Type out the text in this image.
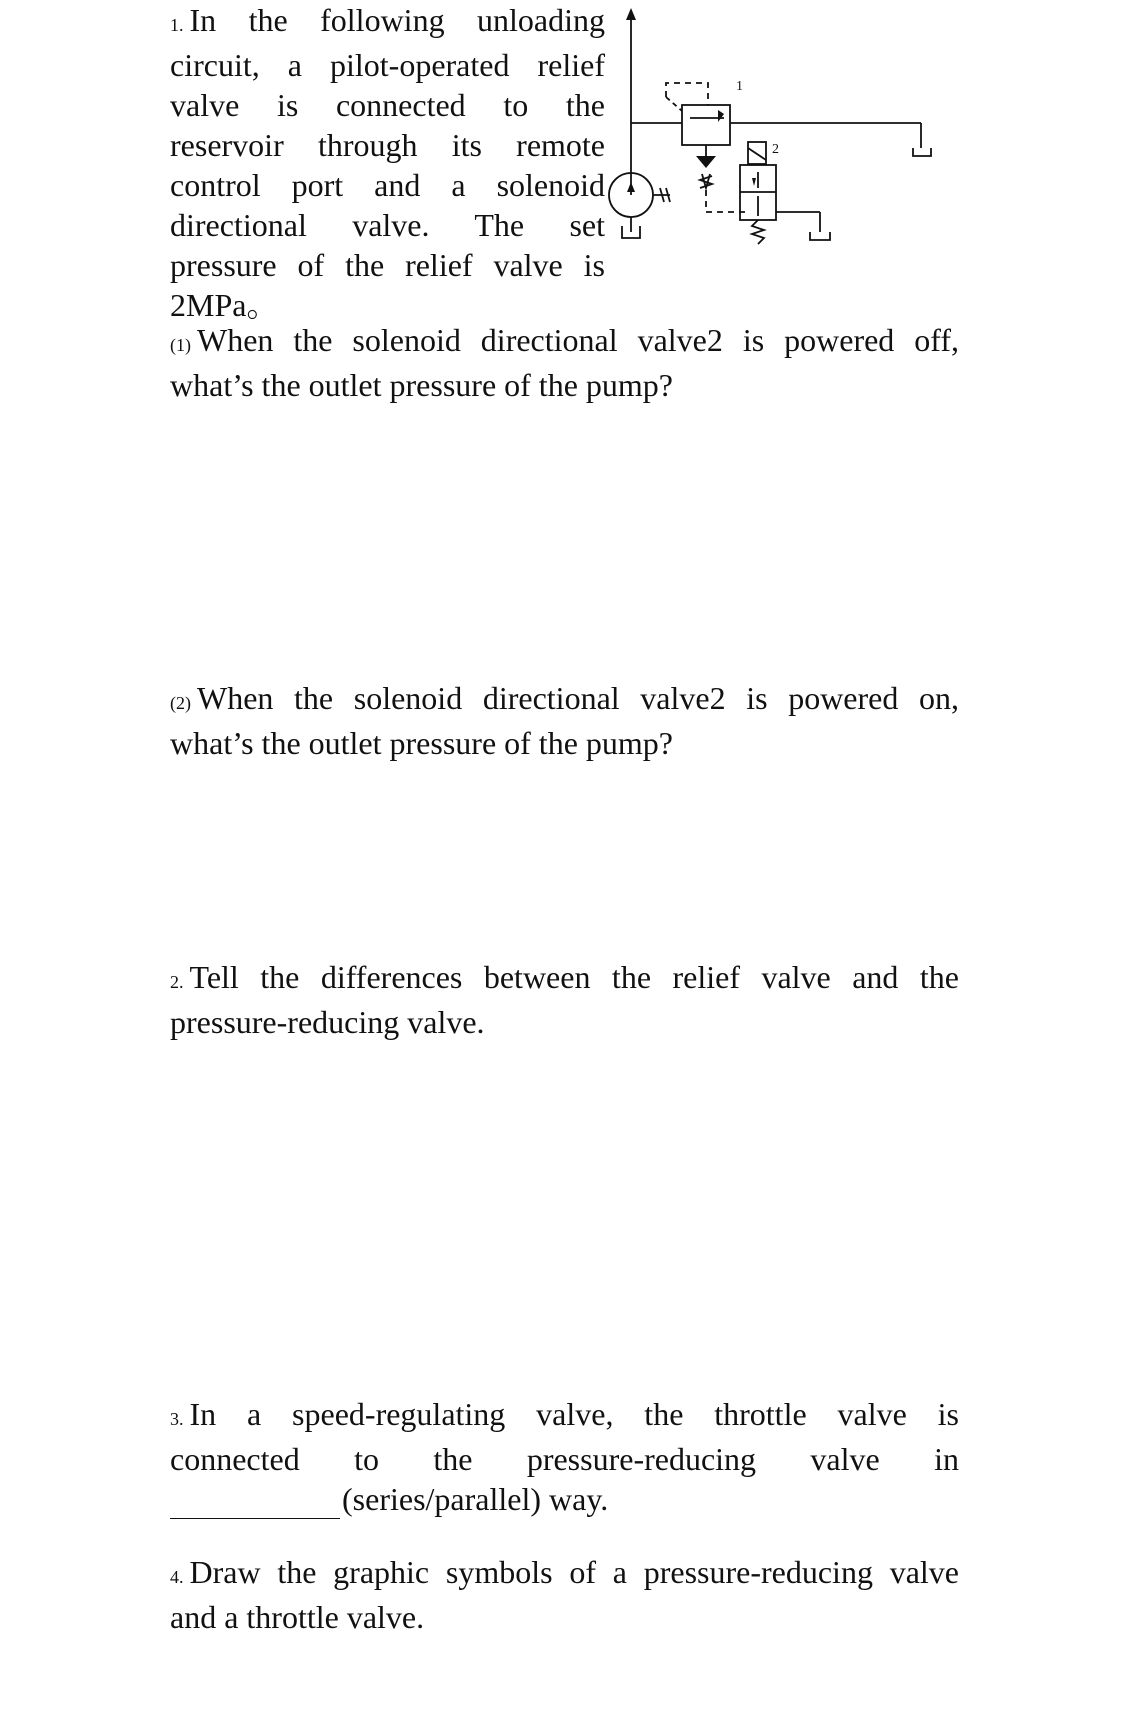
1. In the following unloading
circuit, a pilot-operated relief
valve is connected to the
reservoir through its remote
control port and a solenoid
directional valve. The set
pressure of the relief valve is
2MPa。
1
2
(1) When the solenoid directional valve2 is powered off,
what’s the outlet pressure of the pump?
(2) When the solenoid directional valve2 is powered on,
what’s the outlet pressure of the pump?
2. Tell the differences between the relief valve and the
pressure-reducing valve.
3. In a speed-regulating valve, the throttle valve is
connected to the pressure-reducing valve in
(series/parallel) way.
4. Draw the graphic symbols of a pressure-reducing valve
and a throttle valve.
